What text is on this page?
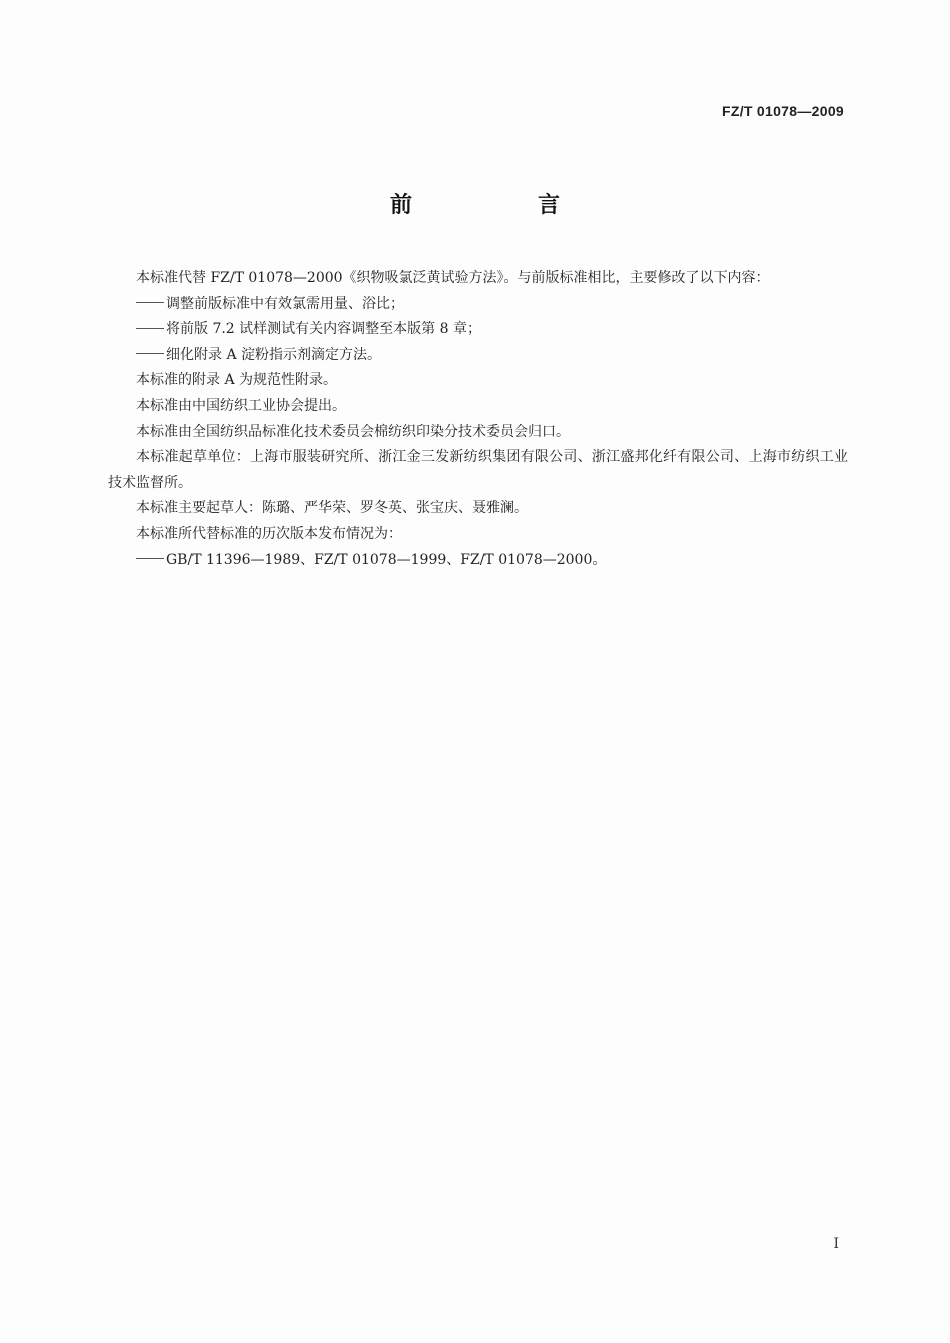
FZ/T 01078—2009
前　言

本标准代替 FZ/T 01078—2000《织物吸氯泛黄试验方法》。与前版标准相比，主要修改了以下内容：

调整前版标准中有效氯需用量、浴比；

将前版 7.2 试样测试有关内容调整至本版第 8 章；

细化附录 A 淀粉指示剂滴定方法。

本标准的附录 A 为规范性附录。

本标准由中国纺织工业协会提出。

本标准由全国纺织品标准化技术委员会棉纺织印染分技术委员会归口。

本标准起草单位：上海市服装研究所、浙江金三发新纺织集团有限公司、浙江盛邦化纤有限公司、上海市纺织工业技术监督所。

本标准主要起草人：陈璐、严华荣、罗冬英、张宝庆、聂雅澜。

本标准所代替标准的历次版本发布情况为：

GB/T 11396—1989、FZ/T 01078—1999、FZ/T 01078—2000。

I
